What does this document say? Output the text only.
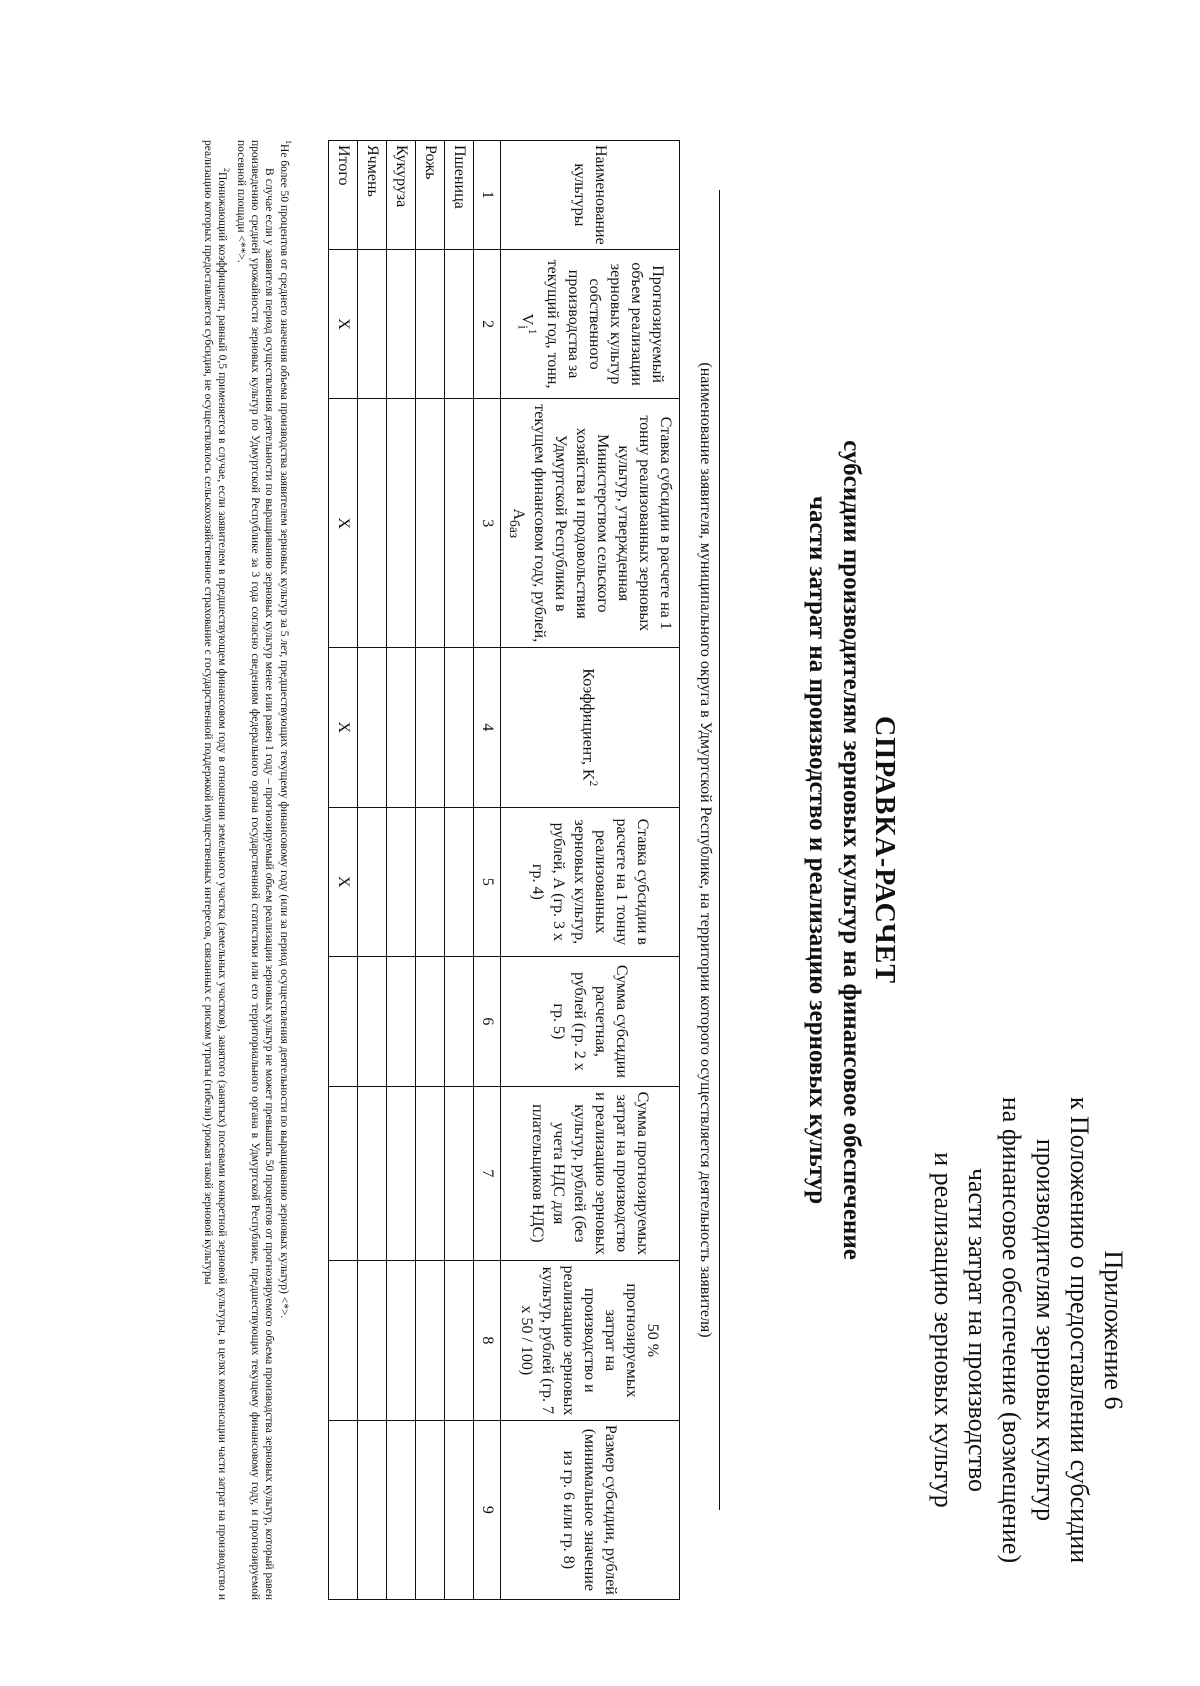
Приложение 6
к Положению о предоставлении субсидии
производителям зерновых культур
на финансовое обеспечение (возмещение)
части затрат на производство
и реализацию зерновых культур
СПРАВКА-РАСЧЕТ
субсидии производителям зерновых культур на финансовое обеспечение
части затрат на производство и реализацию зерновых культур
(наименование заявителя, муниципального округа в Удмуртской Республике, на территории которого осуществляется деятельность заявителя)
Наименование культуры	Прогнозируемый объем реализации зерновых культур собственного производства за текущий год, тонн, $V_i^1$	Ставка субсидии в расчете на 1 тонну реализованных зерновых культур, утвержденная Министерством сельского хозяйства и продовольствия Удмуртской Республики в текущем финансовом году, рублей, $А_{баз}$	Коэффициент, $K^2$	Ставка субсидии в расчете на 1 тонну реализованных зерновых культур, рублей, А (гр. 3 x гр. 4)	Сумма субсидии расчетная, рублей (гр. 2 x гр. 5)	Сумма прогнозируемых затрат на производство и реализацию зерновых культур, рублей (без учета НДС для плательщиков НДС)	50 % прогнозируемых затрат на производство и реализацию зерновых культур, рублей (гр. 7 x 50 / 100)	Размер субсидии, рублей (минимальное значение из гр. 6 или гр. 8)
1	2	3	4	5	6	7	8	9
Пшеница								
Рожь								
Кукуруза								
Ячмень								
Итого	X	X	X	X				

$^1$Не более 50 процентов от среднего значения объема производства заявителем зерновых культур за 5 лет, предшествующих текущему финансовому году (или за период осуществления деятельности по выращиванию зерновых культур) <*>.

В случае если у заявителя период осуществления деятельности по выращиванию зерновых культур менее или равен 1 году – прогнозируемый объем реализации зерновых культур не может превышать 50 процентов от прогнозируемого объема производства зерновых культур, который равен произведению средней урожайности зерновых культур по Удмуртской Республике за 3 года согласно сведениям федерального органа государственной статистики или его территориального органа в Удмуртской Республике, предшествующих текущему финансовому году, и прогнозируемой посевной площади <**>.

$^2$Понижающий коэффициент, равный 0,5 применяется в случае, если заявителем в предшествующем финансовом году в отношении земельного участка (земельных участков), занятого (занятых) посевами конкретной зерновой культуры, в целях компенсации части затрат на производство и реализацию которых предоставляется субсидия, не осуществлялось сельскохозяйственное страхование с государственной поддержкой имущественных интересов, связанных с риском утраты (гибели) урожая такой зерновой культуры
